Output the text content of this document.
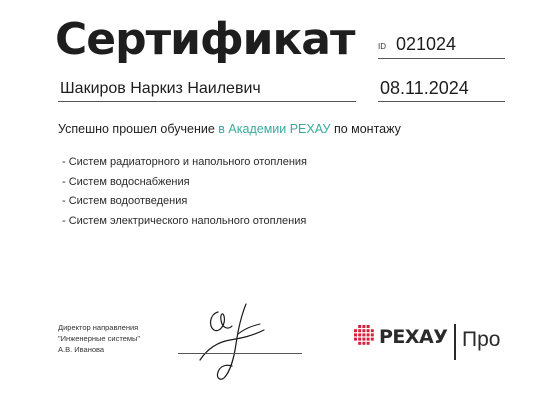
Сертификат	ID 021024
Шакиров Наркиз Наилевич	08.11.2024
Успешно прошел обучение в Академии РЕХАУ по монтажу
- Систем радиаторного и напольного отопления
- Систем водоснабжения
- Систем водоотведения
- Систем электрического напольного отопления
Директор направления
"Инженерные системы"
А.В. Иванова
РЕХАУ Про
